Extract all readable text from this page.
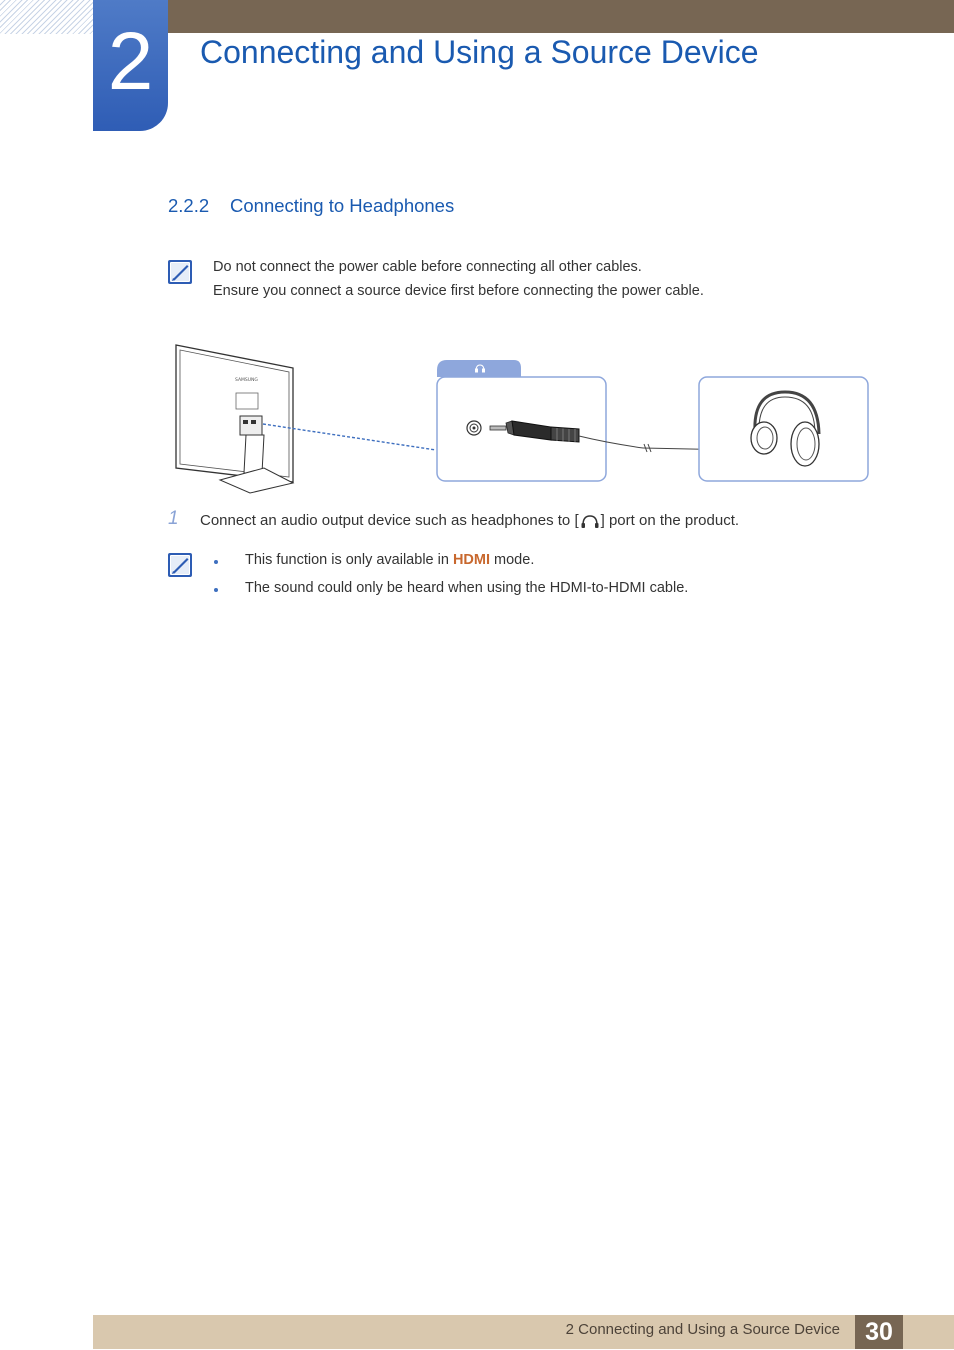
2	Connecting and Using a Source Device
2.2.2 Connecting to Headphones
Do not connect the power cable before connecting all other cables.
Ensure you connect a source device first before connecting the power cable.
SAMSUNG
1 Connect an audio output device such as headphones to [ ] port on the product.
This function is only available in HDMI mode.
The sound could only be heard when using the HDMI-to-HDMI cable.
2 Connecting and Using a Source Device	30
